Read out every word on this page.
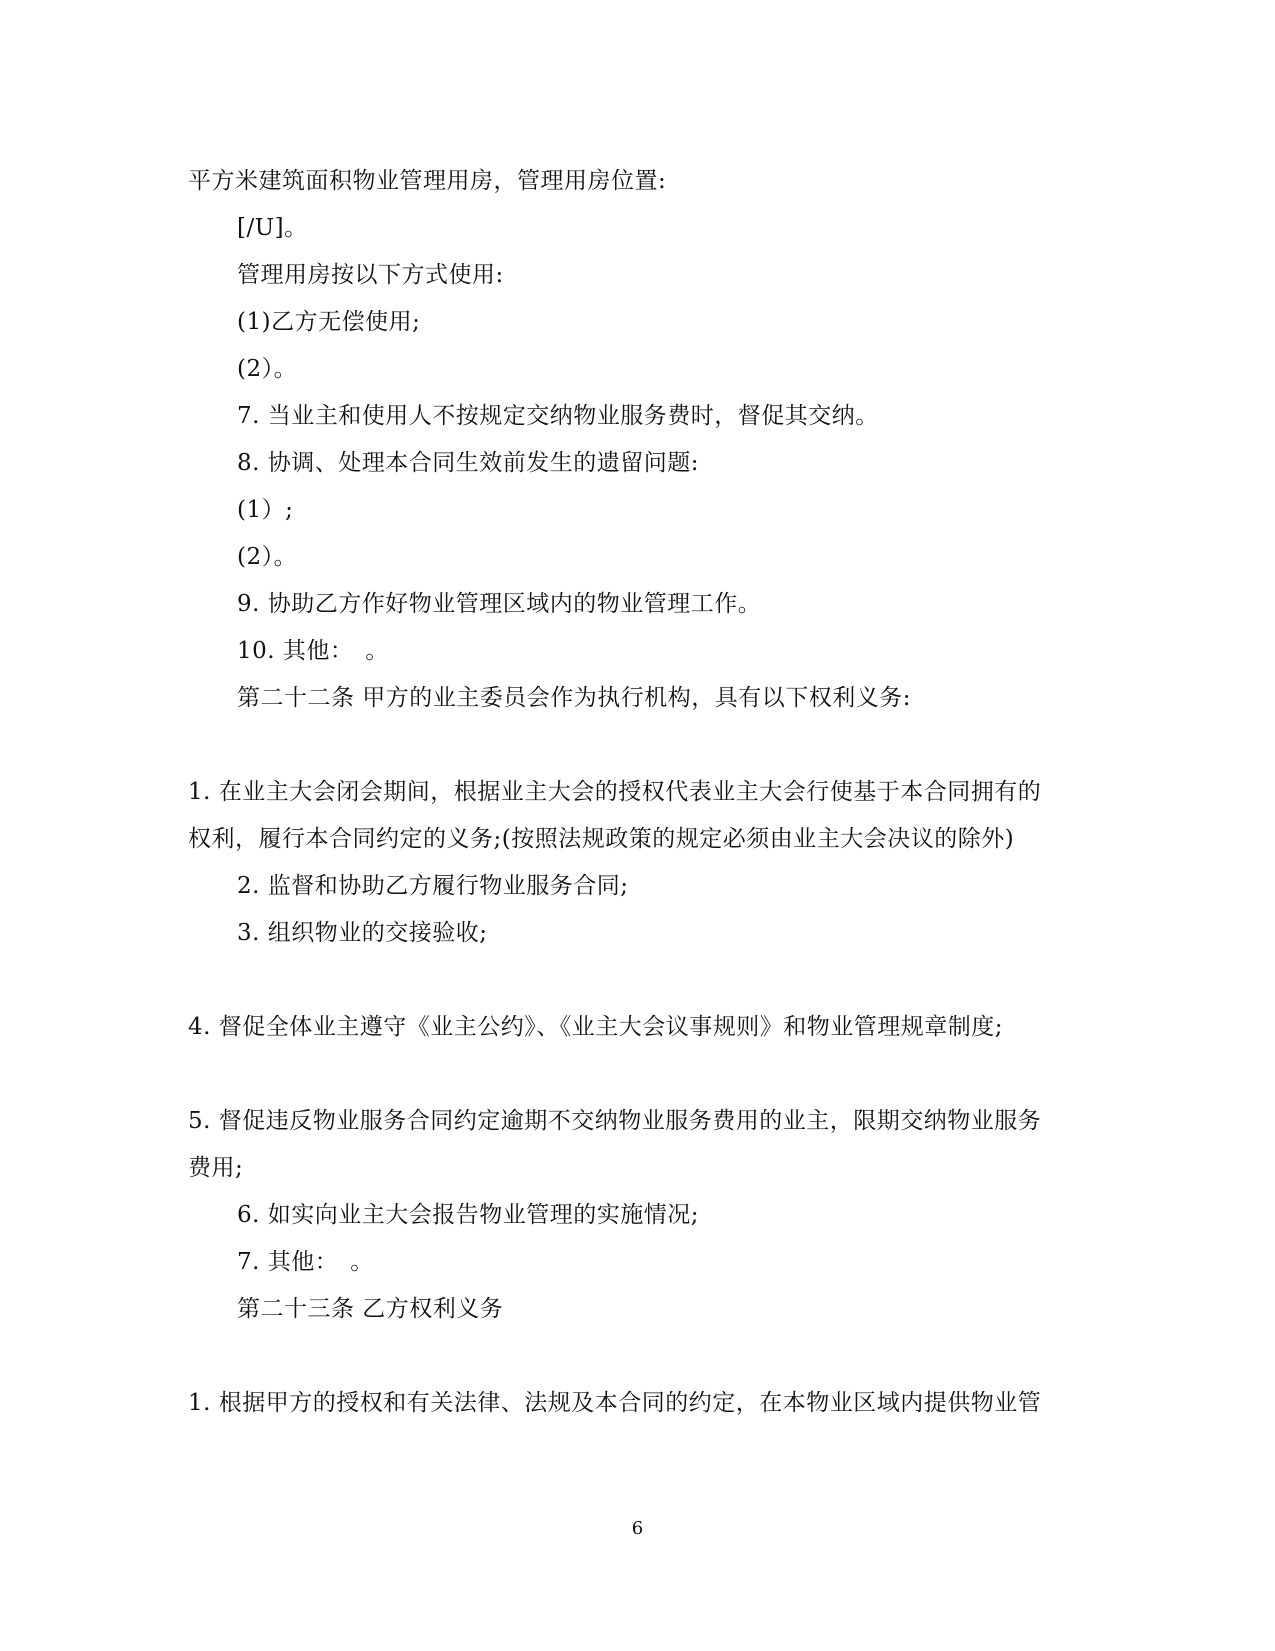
平方米建筑面积物业管理用房，管理用房位置:
[/U]。
管理用房按以下方式使用:
(1)乙方无偿使用;
(2）。
7. 当业主和使用人不按规定交纳物业服务费时，督促其交纳。
8. 协调、处理本合同生效前发生的遗留问题:
(1）;
(2）。
9. 协助乙方作好物业管理区域内的物业管理工作。
10. 其他：　。
第二十二条 甲方的业主委员会作为执行机构，具有以下权利义务:
1. 在业主大会闭会期间，根据业主大会的授权代表业主大会行使基于本合同拥有的
权利，履行本合同约定的义务;(按照法规政策的规定必须由业主大会决议的除外)
2. 监督和协助乙方履行物业服务合同;
3. 组织物业的交接验收;
4. 督促全体业主遵守《业主公约》、《业主大会议事规则》和物业管理规章制度;
5. 督促违反物业服务合同约定逾期不交纳物业服务费用的业主，限期交纳物业服务
费用;
6. 如实向业主大会报告物业管理的实施情况;
7. 其他：　。
第二十三条 乙方权利义务
1. 根据甲方的授权和有关法律、法规及本合同的约定，在本物业区域内提供物业管
6
